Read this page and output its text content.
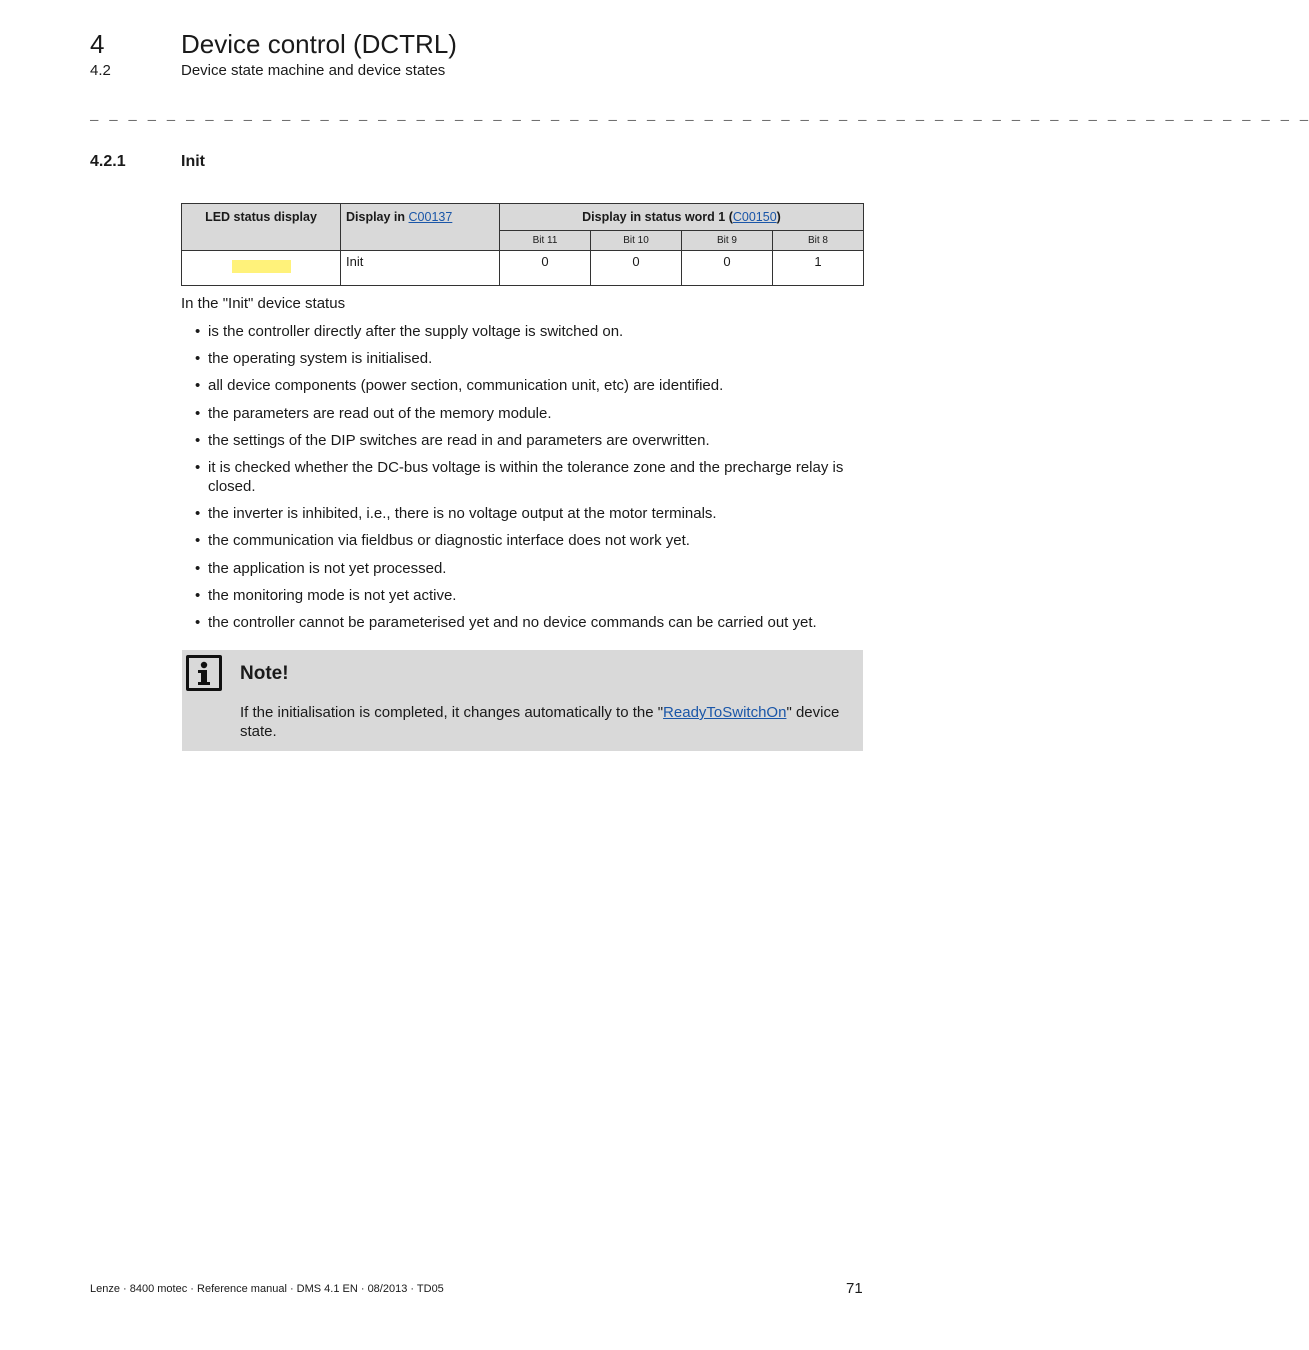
4	Device control (DCTRL)
4.2	Device state machine and device states
_ _ _ _ _ _ _ _ _ _ _ _ _ _ _ _ _ _ _ _ _ _ _ _ _ _ _ _ _ _ _ _ _ _ _ _ _ _ _ _ _ _ _ _ _ _ _ _ _ _ _ _ _ _ _ _ _ _ _ _ _ _ _ _
4.2.1	Init
LED status display	Display in C00137	Display in status word 1 (C00150)			
		Bit 11	Bit 10	Bit 9	Bit 8
	Init	0	0	0	1
In the "Init" device status
• is the controller directly after the supply voltage is switched on.
• the operating system is initialised.
• all device components (power section, communication unit, etc) are identified.
• the parameters are read out of the memory module.
• the settings of the DIP switches are read in and parameters are overwritten.
• it is checked whether the DC-bus voltage is within the tolerance zone and the precharge relay is closed.
• the inverter is inhibited, i.e., there is no voltage output at the motor terminals.
• the communication via fieldbus or diagnostic interface does not work yet.
• the application is not yet processed.
• the monitoring mode is not yet active.
• the controller cannot be parameterised yet and no device commands can be carried out yet.
Note!
If the initialisation is completed, it changes automatically to the "ReadyToSwitchOn" device state.
Lenze · 8400 motec · Reference manual · DMS 4.1 EN · 08/2013 · TD05	71
